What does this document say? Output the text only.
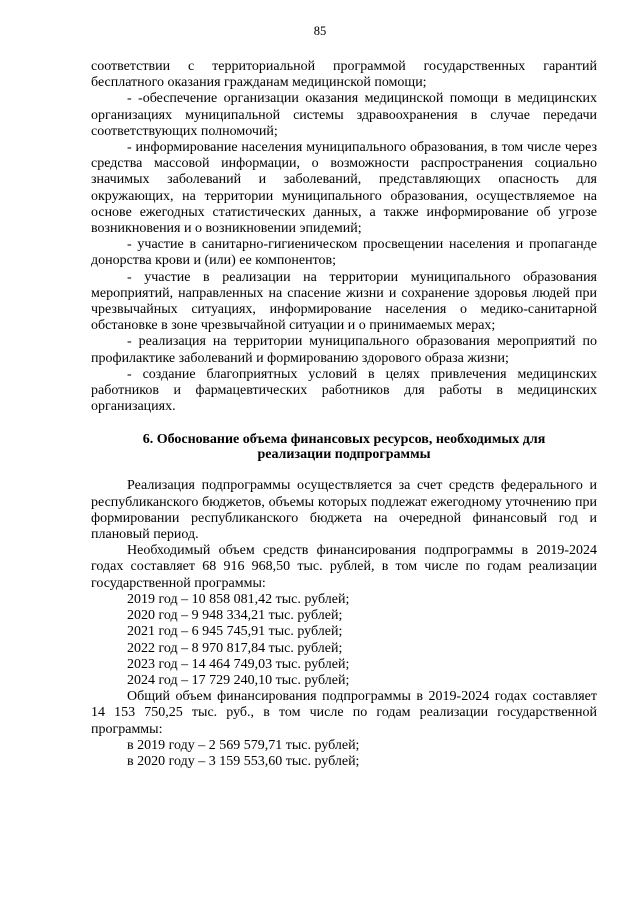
85

соответствии с территориальной программой государственных гарантий бесплатного оказания гражданам медицинской помощи;

- -обеспечение организации оказания медицинской помощи в медицинских организациях муниципальной системы здравоохранения в случае передачи соответствующих полномочий;

- информирование населения муниципального образования, в том числе через средства массовой информации, о возможности распространения социально значимых заболеваний и заболеваний, представляющих опасность для окружающих, на территории муниципального образования, осуществляемое на основе ежегодных статистических данных, а также информирование об угрозе возникновения и о возникновении эпидемий;

- участие в санитарно-гигиеническом просвещении населения и пропаганде донорства крови и (или) ее компонентов;

- участие в реализации на территории муниципального образования мероприятий, направленных на спасение жизни и сохранение здоровья людей при чрезвычайных ситуациях, информирование населения о медико-санитарной обстановке в зоне чрезвычайной ситуации и о принимаемых мерах;

- реализация на территории муниципального образования мероприятий по профилактике заболеваний и формированию здорового образа жизни;

- создание благоприятных условий в целях привлечения медицинских работников и фармацевтических работников для работы в медицинских организациях.

6. Обоснование объема финансовых ресурсов, необходимых для
реализации подпрограммы

Реализация подпрограммы осуществляется за счет средств федерального и республиканского бюджетов, объемы которых подлежат ежегодному уточнению при формировании республиканского бюджета на очередной финансовый год и плановый период.

Необходимый объем средств финансирования подпрограммы в 2019-2024 годах составляет 68 916 968,50 тыс. рублей, в том числе по годам реализации государственной программы:

2019 год – 10 858 081,42 тыс. рублей;

2020 год – 9 948 334,21 тыс. рублей;

2021 год – 6 945 745,91 тыс. рублей;

2022 год – 8 970 817,84 тыс. рублей;

2023 год – 14 464 749,03 тыс. рублей;

2024 год – 17 729 240,10 тыс. рублей;

Общий объем финансирования подпрограммы в 2019-2024 годах составляет 14 153 750,25 тыс. руб., в том числе по годам реализации государственной программы:

в 2019 году – 2 569 579,71 тыс. рублей;

в 2020 году – 3 159 553,60 тыс. рублей;
